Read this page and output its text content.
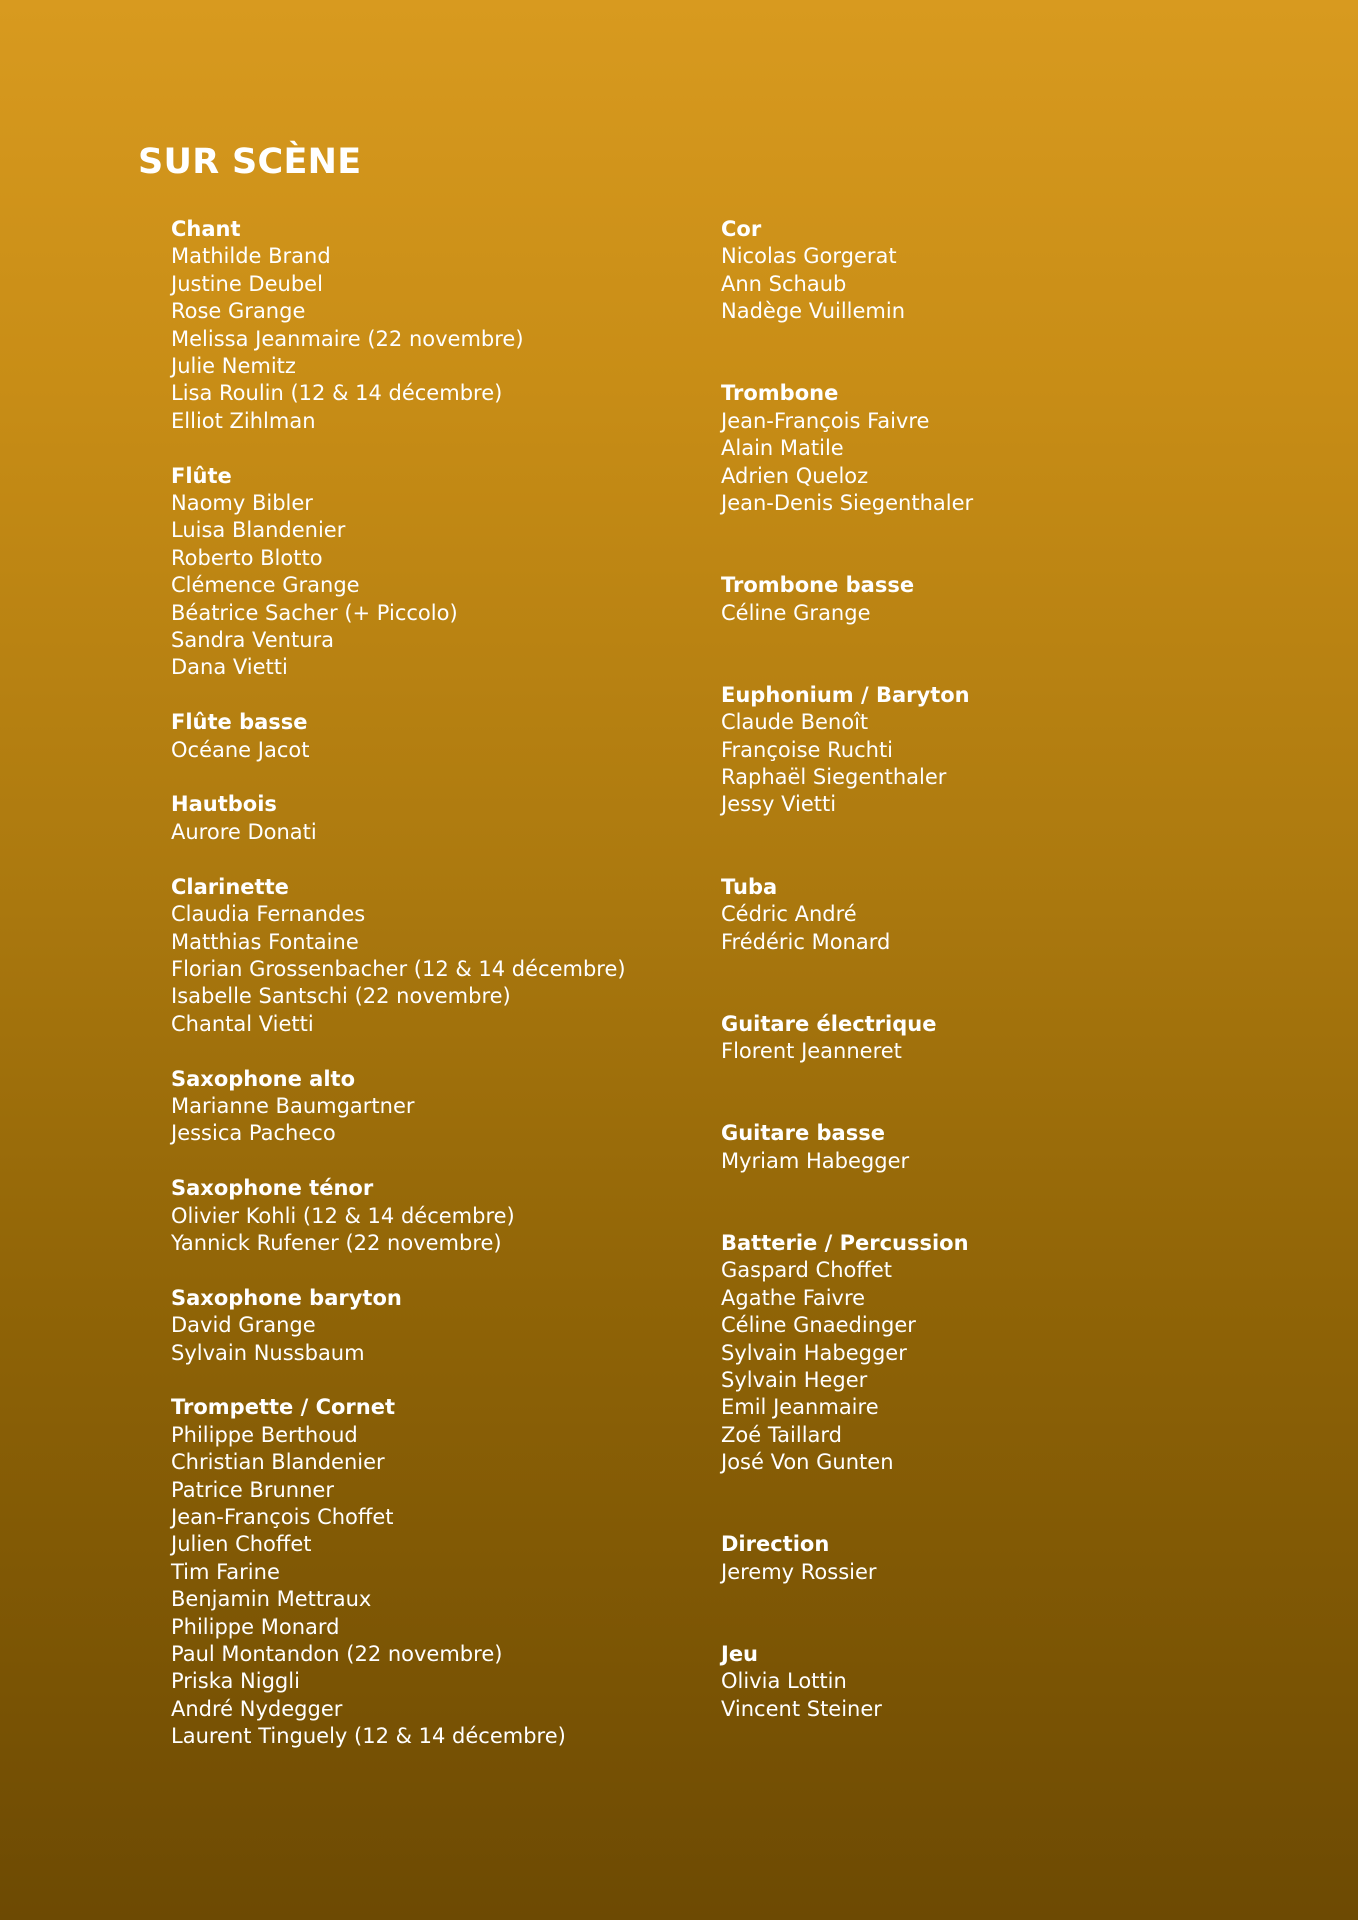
SUR SCÈNE
Chant
Mathilde Brand
Justine Deubel
Rose Grange
Melissa Jeanmaire (22 novembre)
Julie Nemitz
Lisa Roulin (12 & 14 décembre)
Elliot Zihlman
Flûte
Naomy Bibler
Luisa Blandenier
Roberto Blotto
Clémence Grange
Béatrice Sacher (+ Piccolo)
Sandra Ventura
Dana Vietti
Flûte basse
Océane Jacot
Hautbois
Aurore Donati
Clarinette
Claudia Fernandes
Matthias Fontaine
Florian Grossenbacher (12 & 14 décembre)
Isabelle Santschi (22 novembre)
Chantal Vietti
Saxophone alto
Marianne Baumgartner
Jessica Pacheco
Saxophone ténor
Olivier Kohli (12 & 14 décembre)
Yannick Rufener (22 novembre)
Saxophone baryton
David Grange
Sylvain Nussbaum
Trompette / Cornet
Philippe Berthoud
Christian Blandenier
Patrice Brunner
Jean-François Choffet
Julien Choffet
Tim Farine
Benjamin Mettraux
Philippe Monard
Paul Montandon (22 novembre)
Priska Niggli
André Nydegger
Laurent Tinguely (12 & 14 décembre)
Cor
Nicolas Gorgerat
Ann Schaub
Nadège Vuillemin
Trombone
Jean-François Faivre
Alain Matile
Adrien Queloz
Jean-Denis Siegenthaler
Trombone basse
Céline Grange
Euphonium / Baryton
Claude Benoît
Françoise Ruchti
Raphaël Siegenthaler
Jessy Vietti
Tuba
Cédric André
Frédéric Monard
Guitare électrique
Florent Jeanneret
Guitare basse
Myriam Habegger
Batterie / Percussion
Gaspard Choffet
Agathe Faivre
Céline Gnaedinger
Sylvain Habegger
Sylvain Heger
Emil Jeanmaire
Zoé Taillard
José Von Gunten
Direction
Jeremy Rossier
Jeu
Olivia Lottin
Vincent Steiner
